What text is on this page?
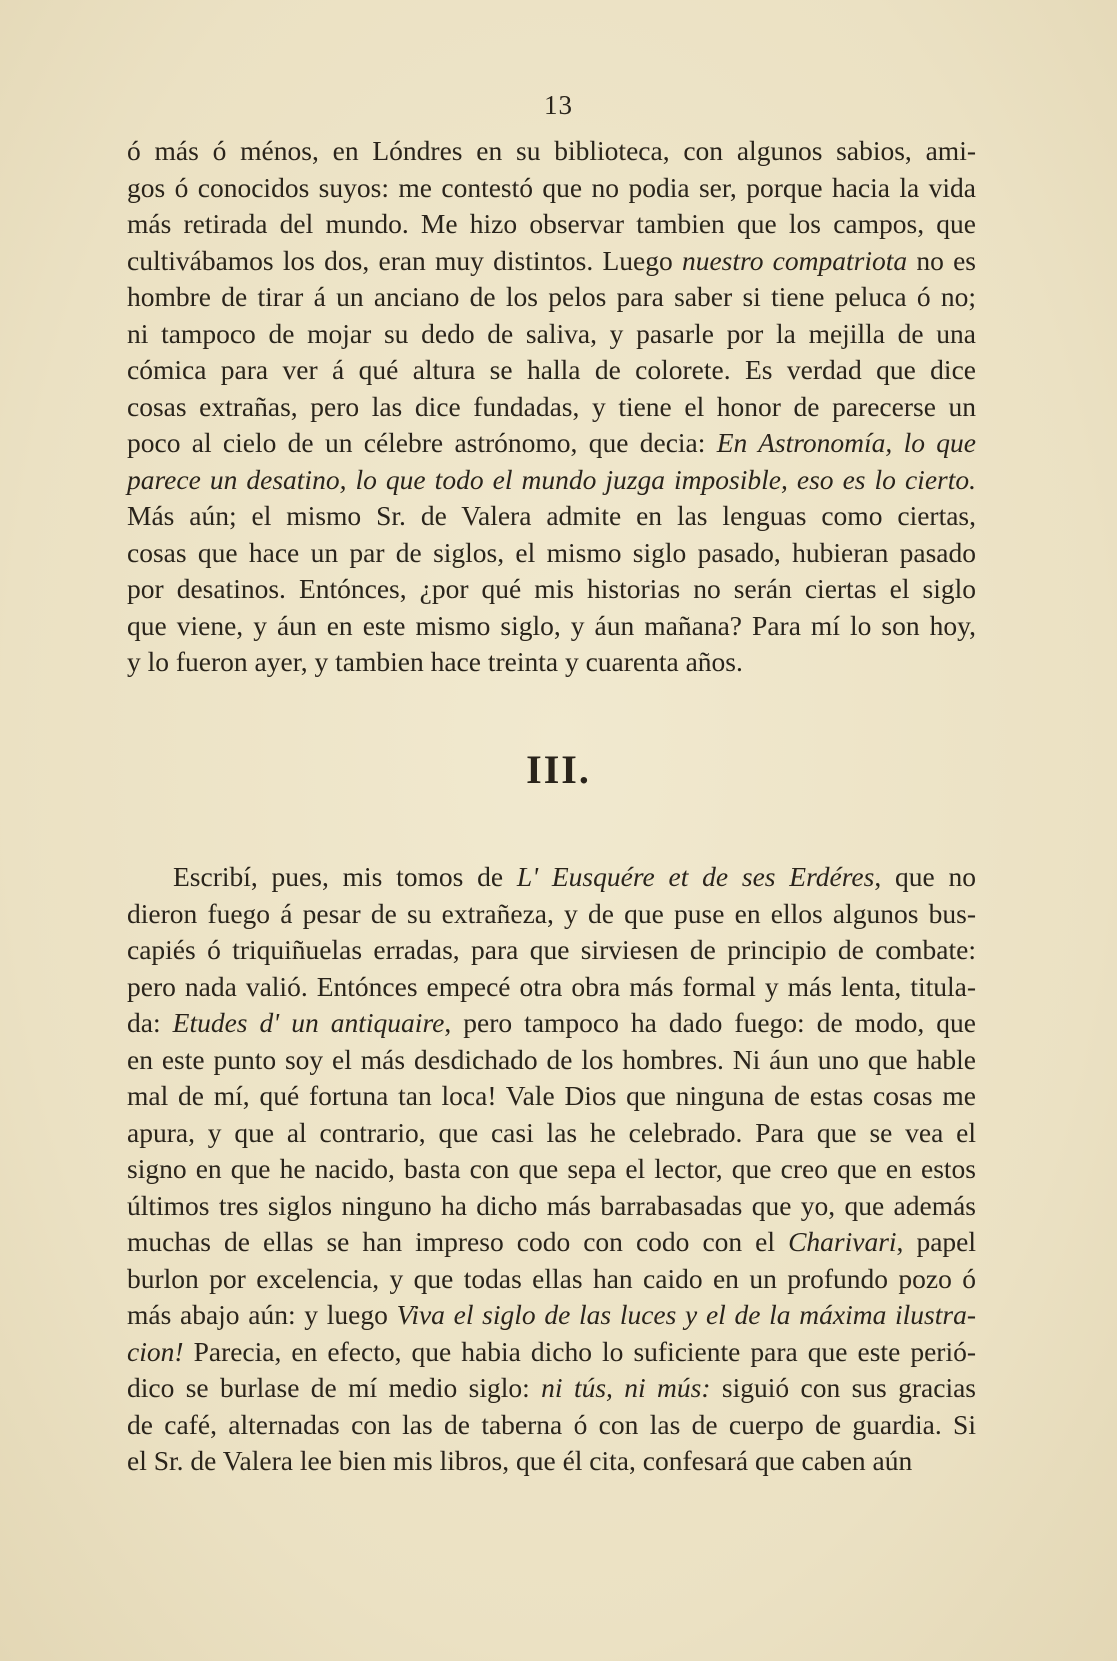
13
ó más ó ménos, en Lóndres en su biblioteca, con algunos sabios, ami-
gos ó conocidos suyos: me contestó que no podia ser, porque hacia la vida
más retirada del mundo. Me hizo observar tambien que los campos, que
cultivábamos los dos, eran muy distintos. Luego nuestro compatriota no es
hombre de tirar á un anciano de los pelos para saber si tiene peluca ó no;
ni tampoco de mojar su dedo de saliva, y pasarle por la mejilla de una
cómica para ver á qué altura se halla de colorete. Es verdad que dice
cosas extrañas, pero las dice fundadas, y tiene el honor de parecerse un
poco al cielo de un célebre astrónomo, que decia: En Astronomía, lo que
parece un desatino, lo que todo el mundo juzga imposible, eso es lo cierto.
Más aún; el mismo Sr. de Valera admite en las lenguas como ciertas,
cosas que hace un par de siglos, el mismo siglo pasado, hubieran pasado
por desatinos. Entónces, ¿por qué mis historias no serán ciertas el siglo
que viene, y áun en este mismo siglo, y áun mañana? Para mí lo son hoy,
y lo fueron ayer, y tambien hace treinta y cuarenta años.
III.
Escribí, pues, mis tomos de L' Eusquére et de ses Erdéres, que no
dieron fuego á pesar de su extrañeza, y de que puse en ellos algunos bus-
capiés ó triquiñuelas erradas, para que sirviesen de principio de combate:
pero nada valió. Entónces empecé otra obra más formal y más lenta, titula-
da: Etudes d' un antiquaire, pero tampoco ha dado fuego: de modo, que
en este punto soy el más desdichado de los hombres. Ni áun uno que hable
mal de mí, qué fortuna tan loca! Vale Dios que ninguna de estas cosas me
apura, y que al contrario, que casi las he celebrado. Para que se vea el
signo en que he nacido, basta con que sepa el lector, que creo que en estos
últimos tres siglos ninguno ha dicho más barrabasadas que yo, que además
muchas de ellas se han impreso codo con codo con el Charivari, papel
burlon por excelencia, y que todas ellas han caido en un profundo pozo ó
más abajo aún: y luego Viva el siglo de las luces y el de la máxima ilustra-
cion! Parecia, en efecto, que habia dicho lo suficiente para que este perió-
dico se burlase de mí medio siglo: ni tús, ni mús: siguió con sus gracias
de café, alternadas con las de taberna ó con las de cuerpo de guardia. Si
el Sr. de Valera lee bien mis libros, que él cita, confesará que caben aún
